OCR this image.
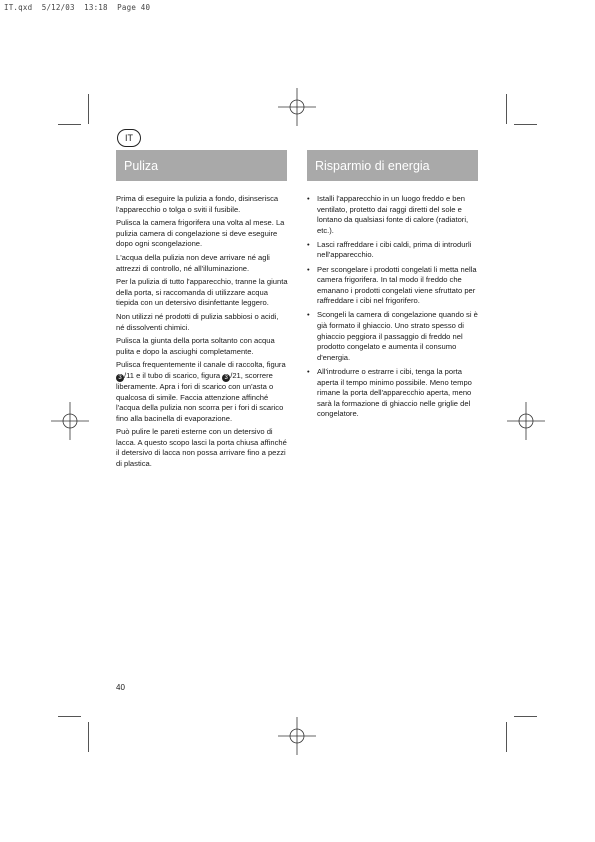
IT.qxd  5/12/03  13:18  Page 40
IT
Puliza	Risparmio di energia

Prima di eseguire la pulizia a fondo, disinserisca l'apparecchio o tolga o sviti il fusibile.

Pulisca la camera frigorifera una volta al mese. La pulizia camera di congelazione si deve eseguire dopo ogni scongelazione.

L'acqua della pulizia non deve arrivare né agli attrezzi di controllo, né all'illuminazione.

Per la pulizia di tutto l'apparecchio, tranne la giunta della porta, si raccomanda di utilizzare acqua tiepida con un detersivo disinfettante leggero.

Non utilizzi né prodotti di pulizia sabbiosi o acidi, né dissolventi chimici.

Pulisca la giunta della porta soltanto con acqua pulita e dopo la asciughi completamente.

Pulisca frequentemente il canale di raccolta, figura 3 /11 e il tubo di scarico, figura 3 /21, scorrere liberamente. Apra i fori di scarico con un'asta o qualcosa di simile. Faccia attenzione affinché l'acqua della pulizia non scorra per i fori di scarico fino alla bacinella di evaporazione.

Può pulire le pareti esterne con un detersivo di lacca. A questo scopo lasci la porta chiusa affinché il detersivo di lacca non possa arrivare fino a pezzi di plastica.

• Istalli l'apparecchio in un luogo freddo e ben ventilato, protetto dai raggi diretti del sole e lontano da qualsiasi fonte di calore (radiatori, etc.).
• Lasci raffreddare i cibi caldi, prima di introdurli nell'apparecchio.
• Per scongelare i prodotti congelati li metta nella camera frigorifera. In tal modo il freddo che emanano i prodotti congelati viene sfruttato per raffreddare i cibi nel frigorifero.
• Scongeli la camera di congelazione quando si è già formato il ghiaccio. Uno strato spesso di ghiaccio peggiora il passaggio di freddo nel prodotto congelato e aumenta il consumo d'energia.
• All'introdurre o estrarre i cibi, tenga la porta aperta il tempo minimo possibile. Meno tempo rimane la porta dell'apparecchio aperta, meno sarà la formazione di ghiaccio nelle griglie del congelatore.
40
